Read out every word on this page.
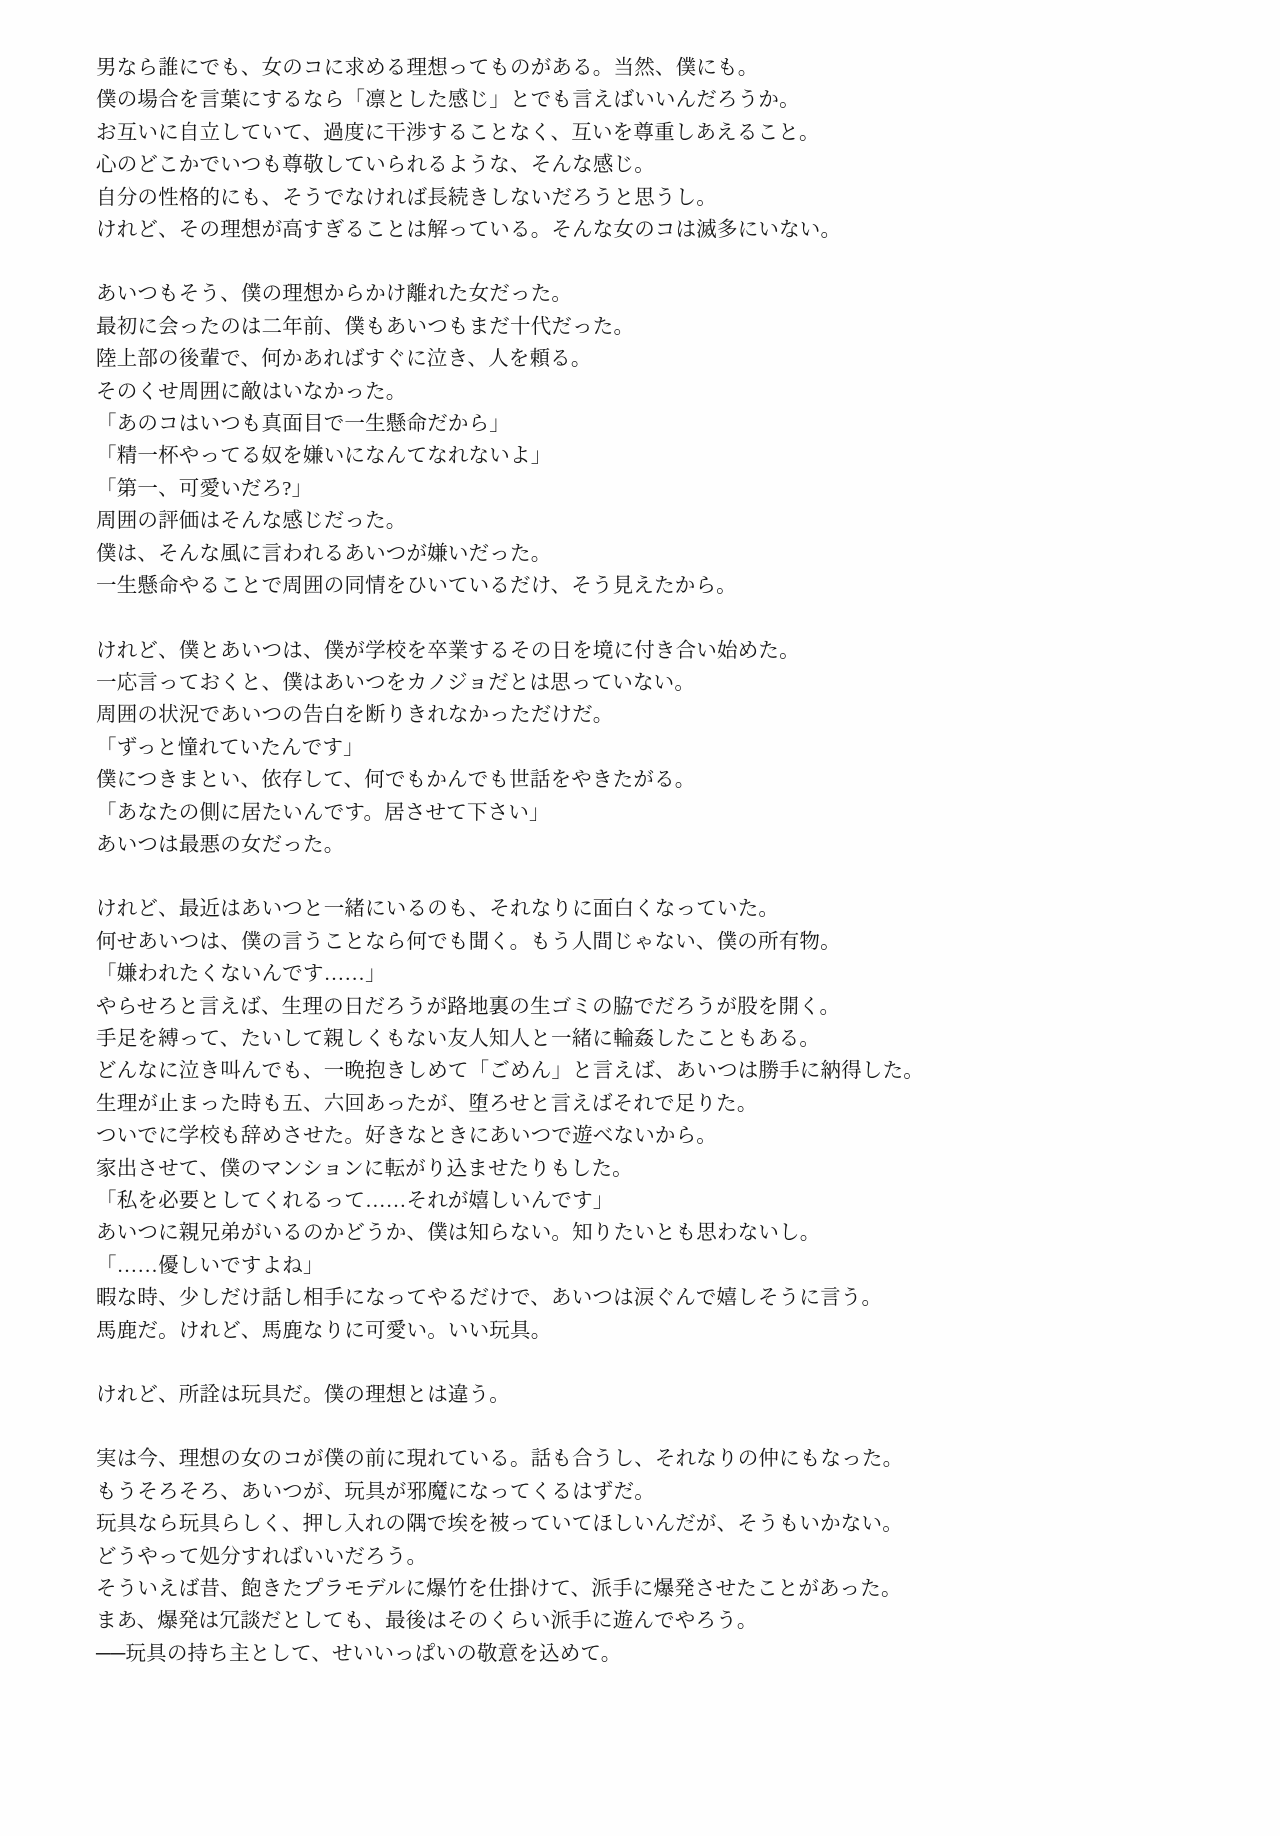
男なら誰にでも、女のコに求める理想ってものがある。当然、僕にも。
僕の場合を言葉にするなら「凛とした感じ」とでも言えばいいんだろうか。
お互いに自立していて、過度に干渉することなく、互いを尊重しあえること。
心のどこかでいつも尊敬していられるような、そんな感じ。
自分の性格的にも、そうでなければ長続きしないだろうと思うし。
けれど、その理想が高すぎることは解っている。そんな女のコは滅多にいない。
あいつもそう、僕の理想からかけ離れた女だった。
最初に会ったのは二年前、僕もあいつもまだ十代だった。
陸上部の後輩で、何かあればすぐに泣き、人を頼る。
そのくせ周囲に敵はいなかった。
「あのコはいつも真面目で一生懸命だから」
「精一杯やってる奴を嫌いになんてなれないよ」
「第一、可愛いだろ?」
周囲の評価はそんな感じだった。
僕は、そんな風に言われるあいつが嫌いだった。
一生懸命やることで周囲の同情をひいているだけ、そう見えたから。
けれど、僕とあいつは、僕が学校を卒業するその日を境に付き合い始めた。
一応言っておくと、僕はあいつをカノジョだとは思っていない。
周囲の状況であいつの告白を断りきれなかっただけだ。
「ずっと憧れていたんです」
僕につきまとい、依存して、何でもかんでも世話をやきたがる。
「あなたの側に居たいんです。居させて下さい」
あいつは最悪の女だった。
けれど、最近はあいつと一緒にいるのも、それなりに面白くなっていた。
何せあいつは、僕の言うことなら何でも聞く。もう人間じゃない、僕の所有物。
「嫌われたくないんです……」
やらせろと言えば、生理の日だろうが路地裏の生ゴミの脇でだろうが股を開く。
手足を縛って、たいして親しくもない友人知人と一緒に輪姦したこともある。
どんなに泣き叫んでも、一晩抱きしめて「ごめん」と言えば、あいつは勝手に納得した。
生理が止まった時も五、六回あったが、堕ろせと言えばそれで足りた。
ついでに学校も辞めさせた。好きなときにあいつで遊べないから。
家出させて、僕のマンションに転がり込ませたりもした。
「私を必要としてくれるって……それが嬉しいんです」
あいつに親兄弟がいるのかどうか、僕は知らない。知りたいとも思わないし。
「……優しいですよね」
暇な時、少しだけ話し相手になってやるだけで、あいつは涙ぐんで嬉しそうに言う。
馬鹿だ。けれど、馬鹿なりに可愛い。いい玩具。
けれど、所詮は玩具だ。僕の理想とは違う。
実は今、理想の女のコが僕の前に現れている。話も合うし、それなりの仲にもなった。
もうそろそろ、あいつが、玩具が邪魔になってくるはずだ。
玩具なら玩具らしく、押し入れの隅で埃を被っていてほしいんだが、そうもいかない。
どうやって処分すればいいだろう。
そういえば昔、飽きたプラモデルに爆竹を仕掛けて、派手に爆発させたことがあった。
まあ、爆発は冗談だとしても、最後はそのくらい派手に遊んでやろう。
──玩具の持ち主として、せいいっぱいの敬意を込めて。
